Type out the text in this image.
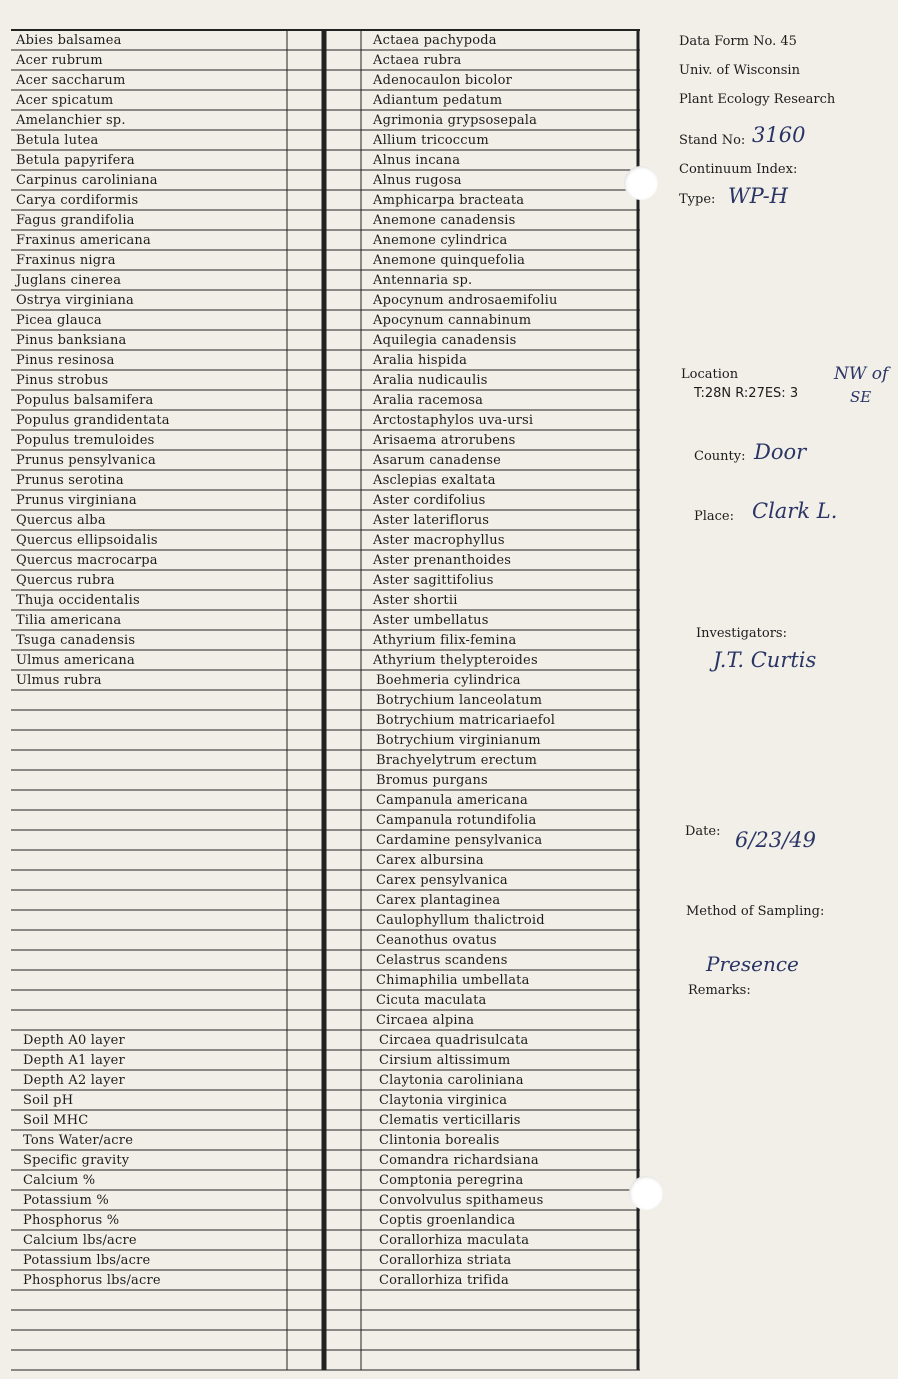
Abies balsamea
Acer rubrum
Acer saccharum
Acer spicatum
Amelanchier sp.
Betula lutea
Betula papyrifera
Carpinus caroliniana
Carya cordiformis
Fagus grandifolia
Fraxinus americana
Fraxinus nigra
Juglans cinerea
Ostrya virginiana
Picea glauca
Pinus banksiana
Pinus resinosa
Pinus strobus
Populus balsamifera
Populus grandidentata
Populus tremuloides
Prunus pensylvanica
Prunus serotina
Prunus virginiana
Quercus alba
Quercus ellipsoidalis
Quercus macrocarpa
Quercus rubra
Thuja occidentalis
Tilia americana
Tsuga canadensis
Ulmus americana
Ulmus rubra
Depth A0 layer
Depth A1 layer
Depth A2 layer
Soil pH
Soil MHC
Tons Water/acre
Specific gravity
Calcium %
Potassium %
Phosphorus %
Calcium lbs/acre
Potassium lbs/acre
Phosphorus lbs/acre
Actaea pachypoda
Actaea rubra
Adenocaulon bicolor
Adiantum pedatum
Agrimonia grypsosepala
Allium tricoccum
Alnus incana
Alnus rugosa
Amphicarpa bracteata
Anemone canadensis
Anemone cylindrica
Anemone quinquefolia
Antennaria sp.
Apocynum androsaemifoliu
Apocynum cannabinum
Aquilegia canadensis
Aralia hispida
Aralia nudicaulis
Aralia racemosa
Arctostaphylos uva-ursi
Arisaema atrorubens
Asarum canadense
Asclepias exaltata
Aster cordifolius
Aster lateriflorus
Aster macrophyllus
Aster prenanthoides
Aster sagittifolius
Aster shortii
Aster umbellatus
Athyrium filix-femina
Athyrium thelypteroides
Boehmeria cylindrica
Botrychium lanceolatum
Botrychium matricariaefol
Botrychium virginianum
Brachyelytrum erectum
Bromus purgans
Campanula americana
Campanula rotundifolia
Cardamine pensylvanica
Carex albursina
Carex pensylvanica
Carex plantaginea
Caulophyllum thalictroid
Ceanothus ovatus
Celastrus scandens
Chimaphilia umbellata
Cicuta maculata
Circaea alpina
Circaea quadrisulcata
Cirsium altissimum
Claytonia caroliniana
Claytonia virginica
Clematis verticillaris
Clintonia borealis
Comandra richardsiana
Comptonia peregrina
Convolvulus spithameus
Coptis groenlandica
Corallorhiza maculata
Corallorhiza striata
Corallorhiza trifida
Data Form No. 45
Univ. of Wisconsin
Plant Ecology Research
Stand No: 3160
Continuum Index:
Type: WP-H
Location
T:28N R:27ES: 3
NW of
SE
County: Door
Place: Clark L.
Investigators:
J.T. Curtis
Date: 6/23/49
Method of Sampling:
Presence
Remarks:
